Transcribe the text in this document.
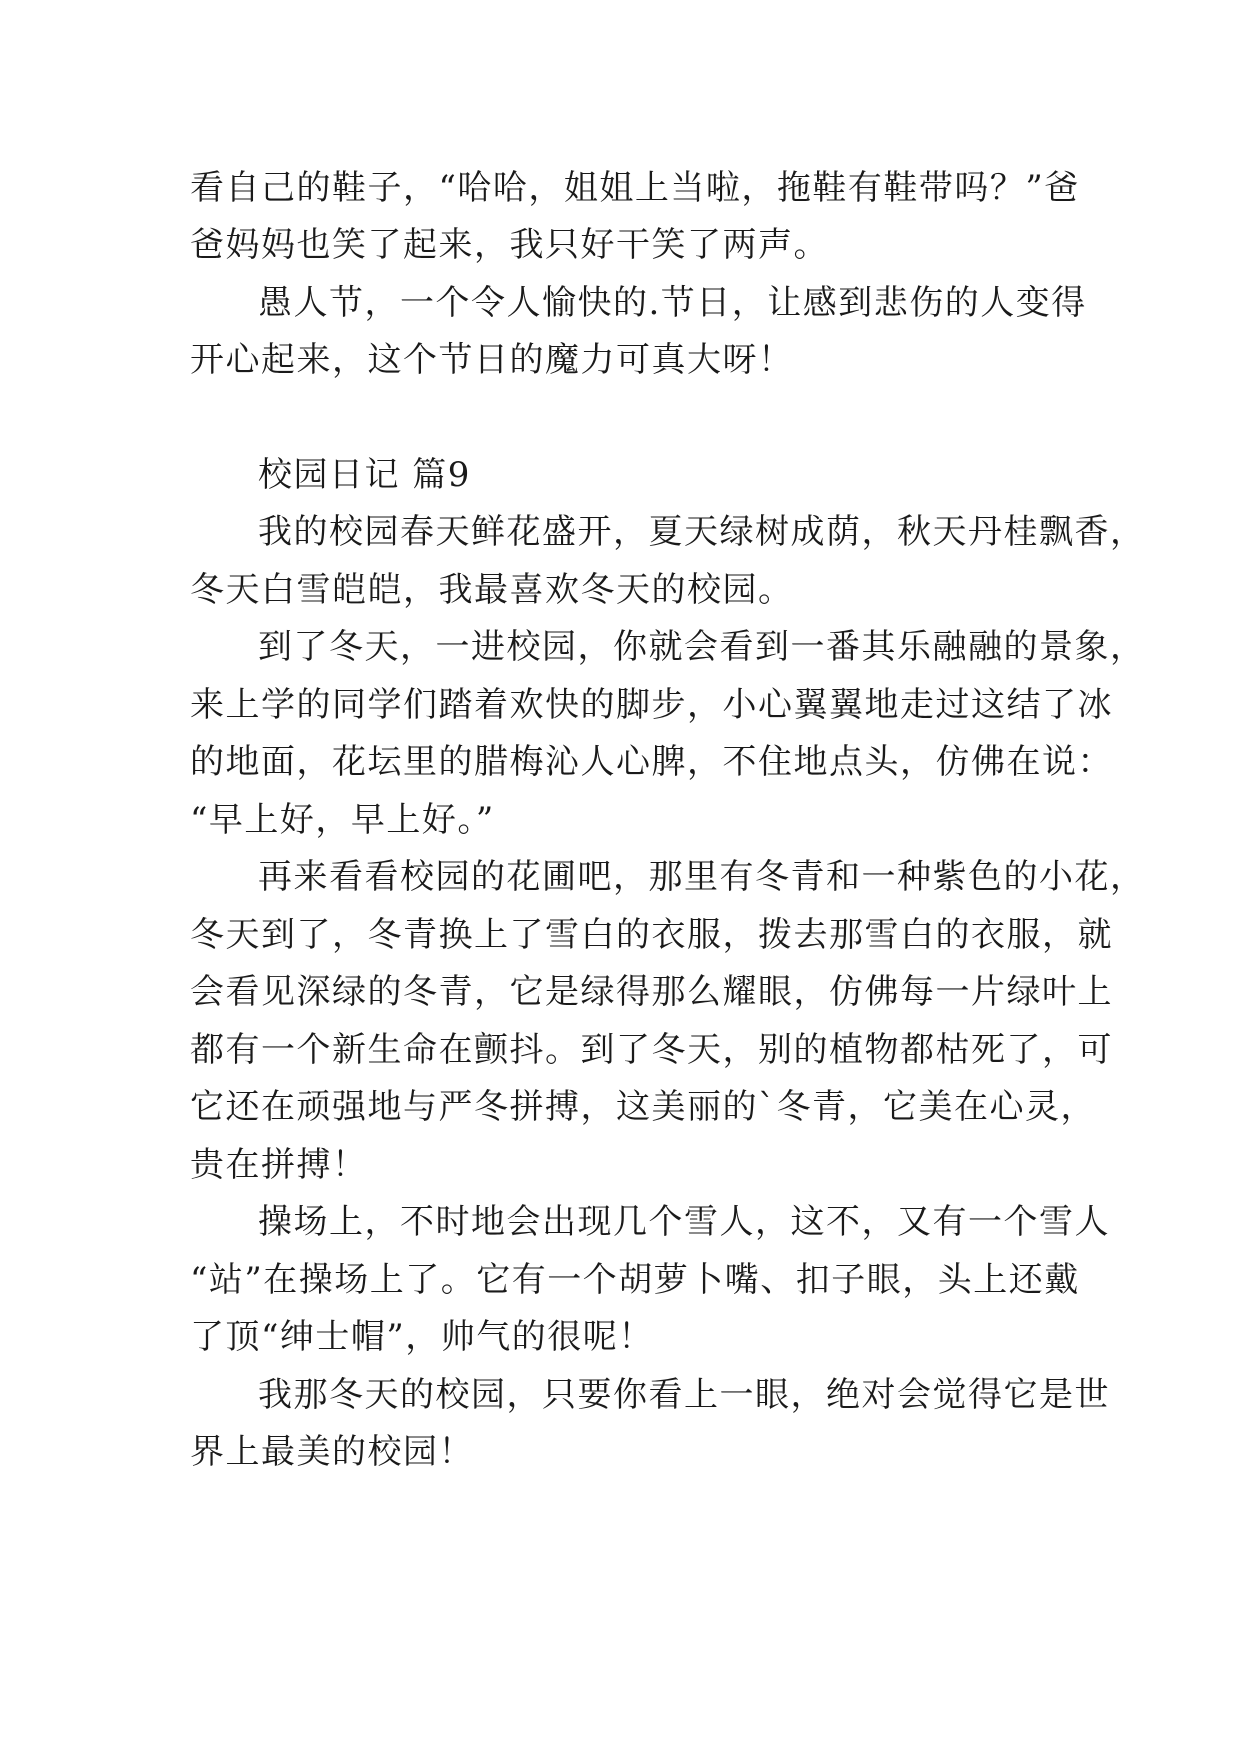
看自己的鞋子，“哈哈，姐姐上当啦，拖鞋有鞋带吗？”爸
爸妈妈也笑了起来，我只好干笑了两声。
愚人节，一个令人愉快的.节日，让感到悲伤的人变得
开心起来，这个节日的魔力可真大呀！
校园日记 篇9
我的校园春天鲜花盛开，夏天绿树成荫，秋天丹桂飘香，
冬天白雪皑皑，我最喜欢冬天的校园。
到了冬天，一进校园，你就会看到一番其乐融融的景象，
来上学的同学们踏着欢快的脚步，小心翼翼地走过这结了冰
的地面，花坛里的腊梅沁人心脾，不住地点头，仿佛在说：
“早上好，早上好。”
再来看看校园的花圃吧，那里有冬青和一种紫色的小花，
冬天到了，冬青换上了雪白的衣服，拨去那雪白的衣服，就
会看见深绿的冬青，它是绿得那么耀眼，仿佛每一片绿叶上
都有一个新生命在颤抖。到了冬天，别的植物都枯死了，可
它还在顽强地与严冬拼搏，这美丽的`冬青，它美在心灵，
贵在拼搏！
操场上，不时地会出现几个雪人，这不，又有一个雪人
“站”在操场上了。它有一个胡萝卜嘴、扣子眼，头上还戴
了顶“绅士帽”，帅气的很呢！
我那冬天的校园，只要你看上一眼，绝对会觉得它是世
界上最美的校园！
